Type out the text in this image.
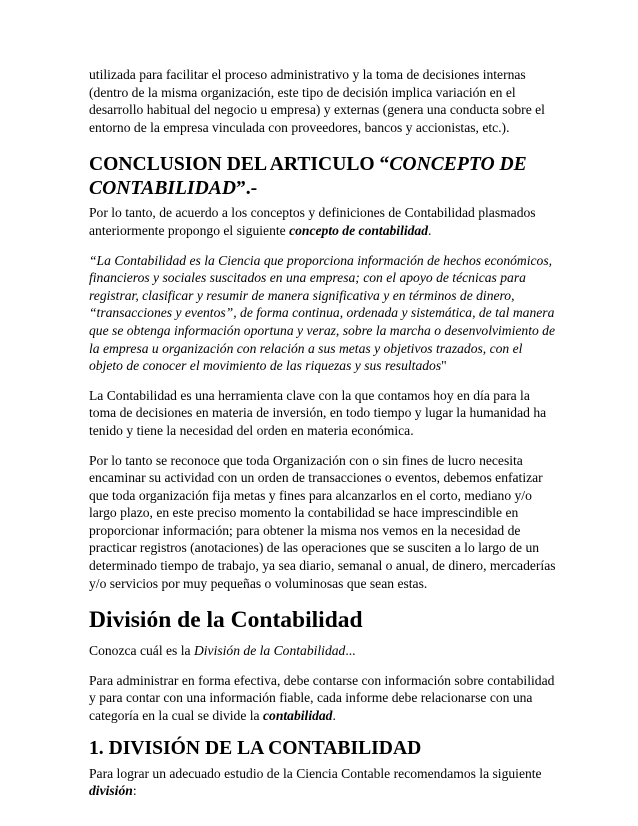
utilizada para facilitar el proceso administrativo y la toma de decisiones internas (dentro de la misma organización, este tipo de decisión implica variación en el desarrollo habitual del negocio u empresa) y externas (genera una conducta sobre el entorno de la empresa vinculada con proveedores, bancos y accionistas, etc.).

CONCLUSION DEL ARTICULO “CONCEPTO DE CONTABILIDAD”.-

Por lo tanto, de acuerdo a los conceptos y definiciones de Contabilidad plasmados anteriormente propongo el siguiente concepto de contabilidad.

“La Contabilidad es la Ciencia que proporciona información de hechos económicos, financieros y sociales suscitados en una empresa; con el apoyo de técnicas para registrar, clasificar y resumir de manera significativa y en términos de dinero, “transacciones y eventos”, de forma continua, ordenada y sistemática, de tal manera que se obtenga información oportuna y veraz, sobre la marcha o desenvolvimiento de la empresa u organización con relación a sus metas y objetivos trazados, con el objeto de conocer el movimiento de las riquezas y sus resultados"

La Contabilidad es una herramienta clave con la que contamos hoy en día para la toma de decisiones en materia de inversión, en todo tiempo y lugar la humanidad ha tenido y tiene la necesidad del orden en materia económica.

Por lo tanto se reconoce que toda Organización con o sin fines de lucro necesita encaminar su actividad con un orden de transacciones o eventos, debemos enfatizar que toda organización fija metas y fines para alcanzarlos en el corto, mediano y/o largo plazo, en este preciso momento la contabilidad se hace imprescindible en proporcionar información; para obtener la misma nos vemos en la necesidad de practicar registros (anotaciones) de las operaciones que se susciten a lo largo de un determinado tiempo de trabajo, ya sea diario, semanal o anual, de dinero, mercaderías y/o servicios por muy pequeñas o voluminosas que sean estas.

División de la Contabilidad

Conozca cuál es la División de la Contabilidad...

Para administrar en forma efectiva, debe contarse con información sobre contabilidad y para contar con una información fiable, cada informe debe relacionarse con una categoría en la cual se divide la contabilidad.

1. DIVISIÓN DE LA CONTABILIDAD

Para lograr un adecuado estudio de la Ciencia Contable recomendamos la siguiente división:
